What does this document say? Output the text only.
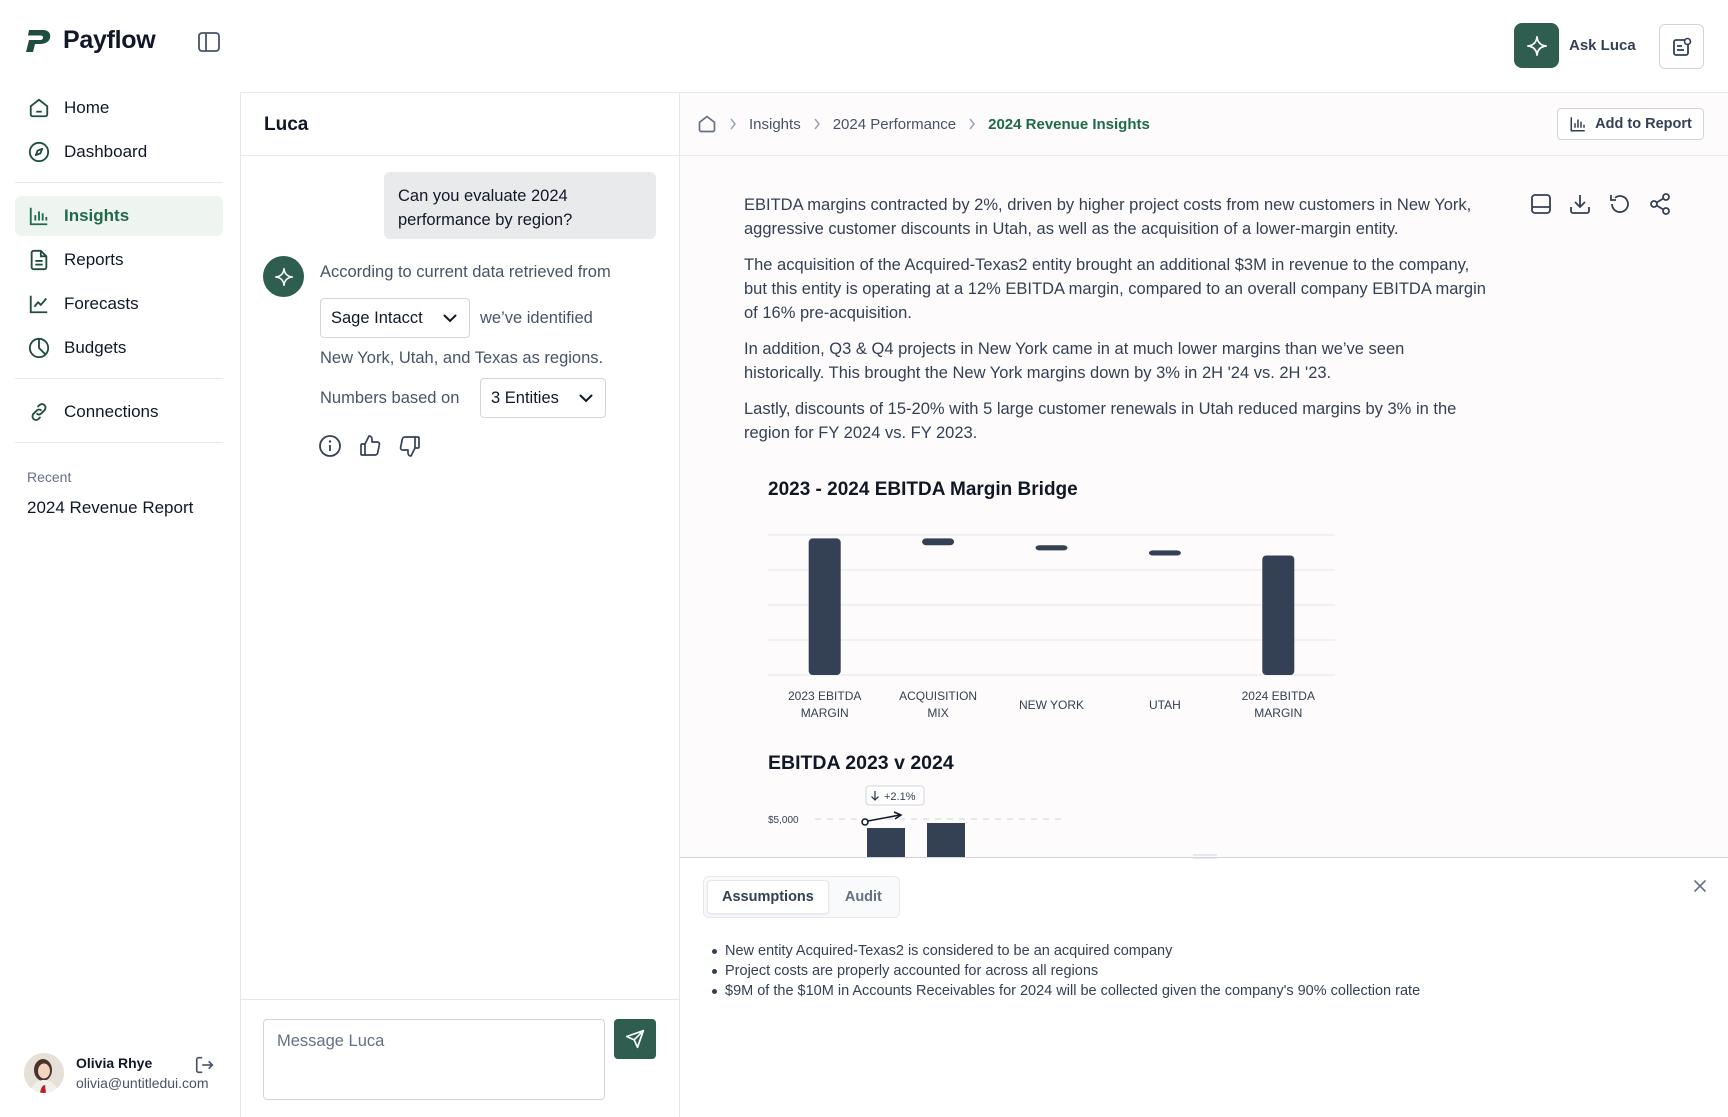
Payflow	Ask Luca
Home
Dashboard
Insights
Reports
Forecasts
Budgets
Connections
Recent
2024 Revenue Report
Olivia Rhye
olivia@untitledui.com
Luca
Can you evaluate 2024 performance by region?
According to current data retrieved from
Sage Intacct	we’ve identified
New York, Utah, and Texas as regions.
Numbers based on 3 Entities
Message Luca
Insights 2024 Performance 2024 Revenue Insights	Add to Report
EBITDA margins contracted by 2%, driven by higher project costs from new customers in New York, aggressive customer discounts in Utah, as well as the acquisition of a lower-margin entity.
The acquisition of the Acquired-Texas2 entity brought an additional $3M in revenue to the company, but this entity is operating at a 12% EBITDA margin, compared to an overall company EBITDA margin of 16% pre-acquisition.
In addition, Q3 & Q4 projects in New York came in at much lower margins than we’ve seen historically. This brought the New York margins down by 3% in 2H '24 vs. 2H '23.
Lastly, discounts of 15-20% with 5 large customer renewals in Utah reduced margins by 3% in the region for FY 2024 vs. FY 2023.
2023 - 2024 EBITDA Margin Bridge
2023 EBITDA
MARGIN
ACQUISITION
MIX
NEW YORK	UTAH
2024 EBITDA
MARGIN
EBITDA 2023 v 2024
$5,000
+2.1%
Assumptions	Audit
New entity Acquired-Texas2 is considered to be an acquired company
Project costs are properly accounted for across all regions
$9M of the $10M in Accounts Receivables for 2024 will be collected given the company's 90% collection rate
